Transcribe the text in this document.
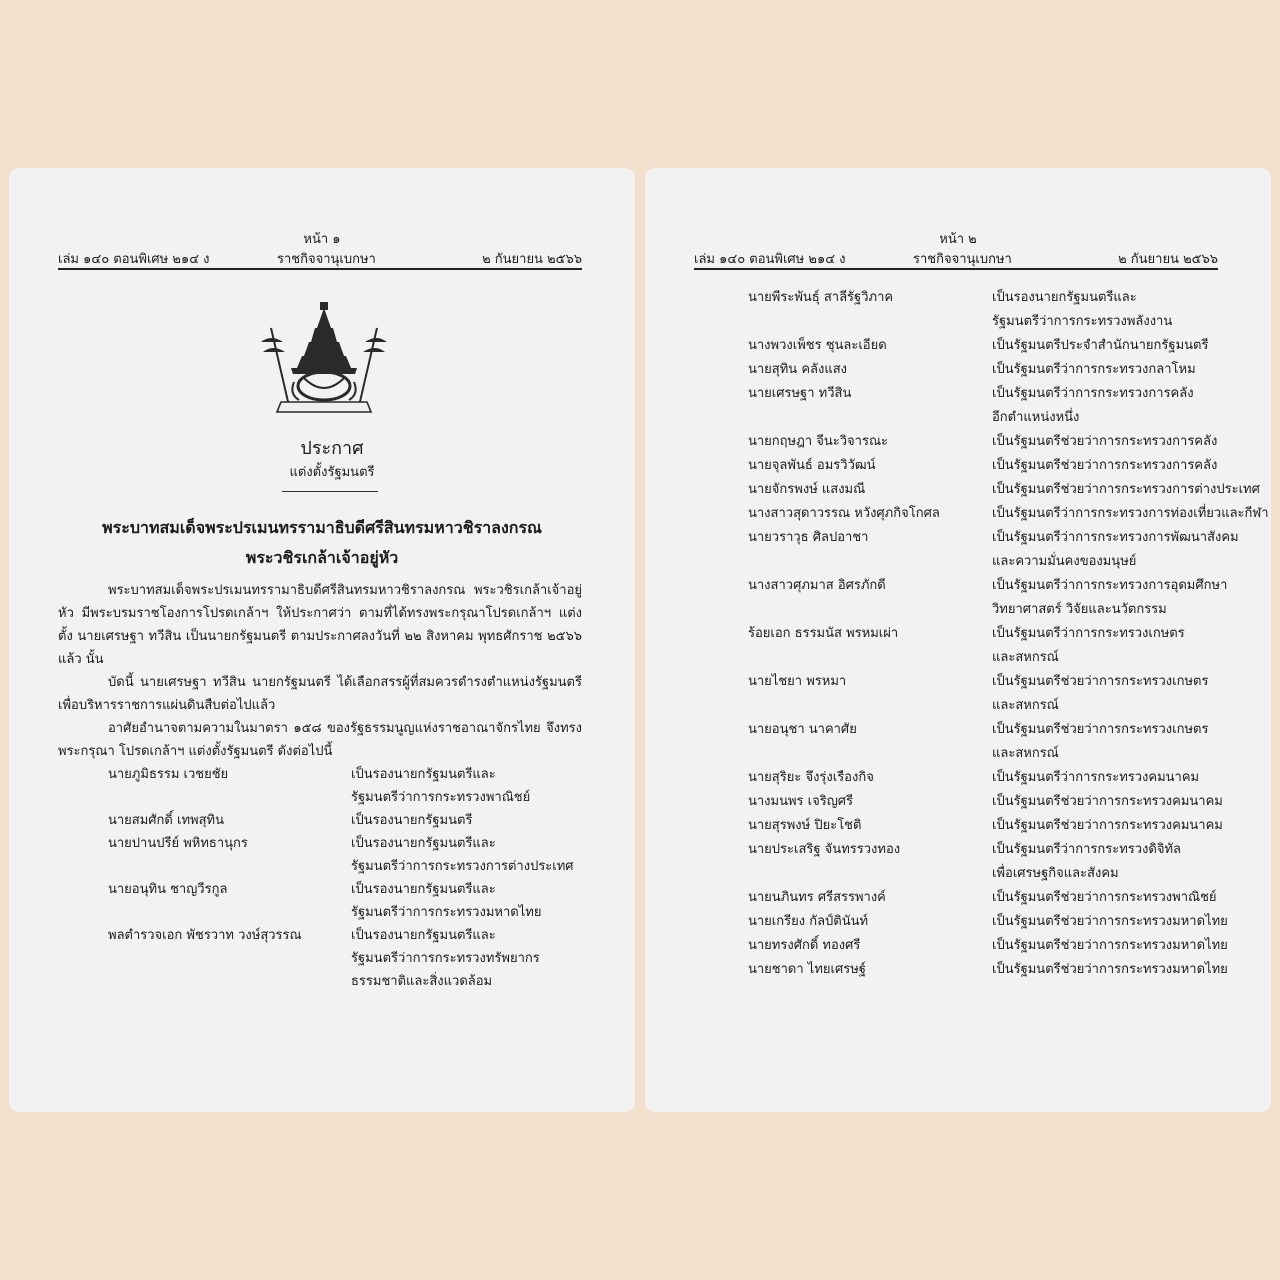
หน้า ๑
เล่ม ๑๔๐ ตอนพิเศษ ๒๑๔ ง	ราชกิจจานุเบกษา	๒ กันยายน ๒๕๖๖
ประกาศ
แต่งตั้งรัฐมนตรี
พระบาทสมเด็จพระปรเมนทรรามาธิบดีศรีสินทรมหาวชิราลงกรณ
พระวชิรเกล้าเจ้าอยู่หัว
พระบาทสมเด็จพระปรเมนทรรามาธิบดีศรีสินทรมหาวชิราลงกรณ พระวชิรเกล้าเจ้าอยู่หัว มีพระบรมราชโองการโปรดเกล้าฯ ให้ประกาศว่า ตามที่ได้ทรงพระกรุณาโปรดเกล้าฯ แต่งตั้ง นายเศรษฐา ทวีสิน เป็นนายกรัฐมนตรี ตามประกาศลงวันที่ ๒๒ สิงหาคม พุทธศักราช ๒๕๖๖ แล้ว นั้น
บัดนี้ นายเศรษฐา ทวีสิน นายกรัฐมนตรี ได้เลือกสรรผู้ที่สมควรดำรงตำแหน่งรัฐมนตรี เพื่อบริหารราชการแผ่นดินสืบต่อไปแล้ว
อาศัยอำนาจตามความในมาตรา ๑๕๘ ของรัฐธรรมนูญแห่งราชอาณาจักรไทย จึงทรงพระกรุณา โปรดเกล้าฯ แต่งตั้งรัฐมนตรี ดังต่อไปนี้
นายภูมิธรรม เวชยชัย	เป็นรองนายกรัฐมนตรีและ
รัฐมนตรีว่าการกระทรวงพาณิชย์
นายสมศักดิ์ เทพสุทิน	เป็นรองนายกรัฐมนตรี
นายปานปรีย์ พหิทธานุกร	เป็นรองนายกรัฐมนตรีและ
รัฐมนตรีว่าการกระทรวงการต่างประเทศ
นายอนุทิน ชาญวีรกูล	เป็นรองนายกรัฐมนตรีและ
รัฐมนตรีว่าการกระทรวงมหาดไทย
พลตำรวจเอก พัชรวาท วงษ์สุวรรณ	เป็นรองนายกรัฐมนตรีและ
รัฐมนตรีว่าการกระทรวงทรัพยากร
ธรรมชาติและสิ่งแวดล้อม
หน้า ๒
เล่ม ๑๔๐ ตอนพิเศษ ๒๑๔ ง	ราชกิจจานุเบกษา	๒ กันยายน ๒๕๖๖
นายพีระพันธุ์ สาลีรัฐวิภาค	เป็นรองนายกรัฐมนตรีและ
รัฐมนตรีว่าการกระทรวงพลังงาน
นางพวงเพ็ชร ชุนละเอียด	เป็นรัฐมนตรีประจำสำนักนายกรัฐมนตรี
นายสุทิน คลังแสง	เป็นรัฐมนตรีว่าการกระทรวงกลาโหม
นายเศรษฐา ทวีสิน	เป็นรัฐมนตรีว่าการกระทรวงการคลัง
อีกตำแหน่งหนึ่ง
นายกฤษฎา จีนะวิจารณะ	เป็นรัฐมนตรีช่วยว่าการกระทรวงการคลัง
นายจุลพันธ์ อมรวิวัฒน์	เป็นรัฐมนตรีช่วยว่าการกระทรวงการคลัง
นายจักรพงษ์ แสงมณี	เป็นรัฐมนตรีช่วยว่าการกระทรวงการต่างประเทศ
นางสาวสุดาวรรณ หวังศุภกิจโกศล	เป็นรัฐมนตรีว่าการกระทรวงการท่องเที่ยวและกีฬา
นายวราวุธ ศิลปอาชา	เป็นรัฐมนตรีว่าการกระทรวงการพัฒนาสังคม
และความมั่นคงของมนุษย์
นางสาวศุภมาส อิศรภักดี	เป็นรัฐมนตรีว่าการกระทรวงการอุดมศึกษา
วิทยาศาสตร์ วิจัยและนวัตกรรม
ร้อยเอก ธรรมนัส พรหมเผ่า	เป็นรัฐมนตรีว่าการกระทรวงเกษตร
และสหกรณ์
นายไชยา พรหมา	เป็นรัฐมนตรีช่วยว่าการกระทรวงเกษตร
และสหกรณ์
นายอนุชา นาคาศัย	เป็นรัฐมนตรีช่วยว่าการกระทรวงเกษตร
และสหกรณ์
นายสุริยะ จึงรุ่งเรืองกิจ	เป็นรัฐมนตรีว่าการกระทรวงคมนาคม
นางมนพร เจริญศรี	เป็นรัฐมนตรีช่วยว่าการกระทรวงคมนาคม
นายสุรพงษ์ ปิยะโชติ	เป็นรัฐมนตรีช่วยว่าการกระทรวงคมนาคม
นายประเสริฐ จันทรรวงทอง	เป็นรัฐมนตรีว่าการกระทรวงดิจิทัล
เพื่อเศรษฐกิจและสังคม
นายนภินทร ศรีสรรพางค์	เป็นรัฐมนตรีช่วยว่าการกระทรวงพาณิชย์
นายเกรียง กัลป์ตินันท์	เป็นรัฐมนตรีช่วยว่าการกระทรวงมหาดไทย
นายทรงศักดิ์ ทองศรี	เป็นรัฐมนตรีช่วยว่าการกระทรวงมหาดไทย
นายชาดา ไทยเศรษฐ์	เป็นรัฐมนตรีช่วยว่าการกระทรวงมหาดไทย
